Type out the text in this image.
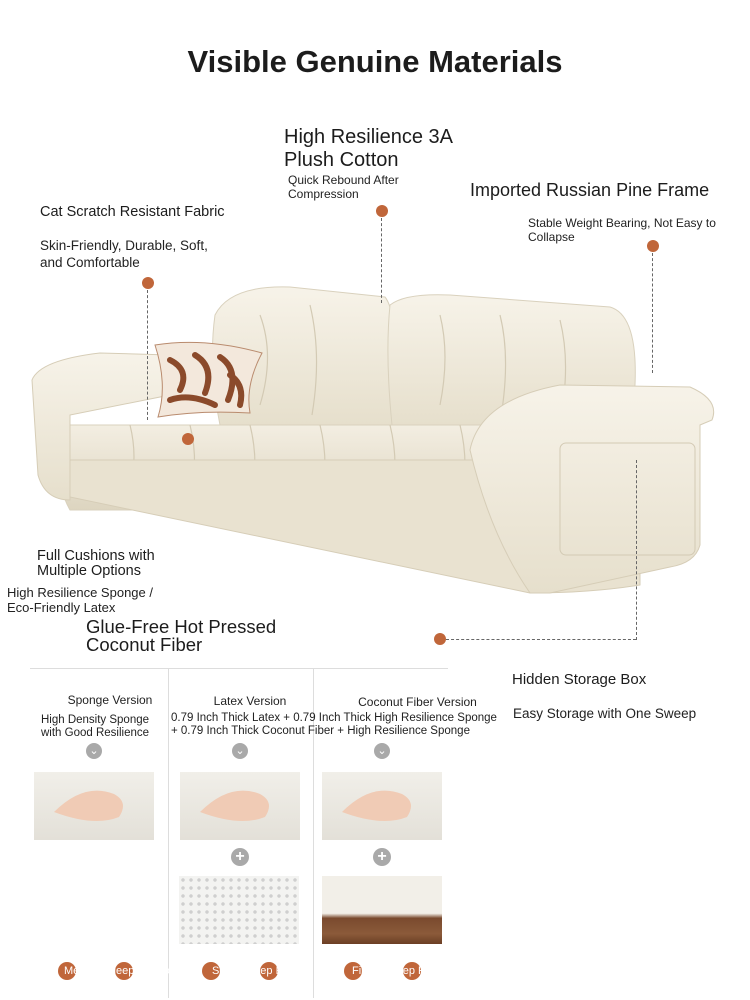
Visible Genuine Materials
High Resilience 3A
Plush Cotton
Quick Rebound After
Compression	Imported Russian Pine Frame
Stable Weight Bearing, Not Easy to
Collapse
Cat Scratch Resistant Fabric
Skin-Friendly, Durable, Soft,
and Comfortable
Full Cushions with
Multiple Options
High Resilience Sponge /
Eco-Friendly Latex
Glue-Free Hot Pressed
Coconut Fiber
Hidden Storage Box
Easy Storage with One Sweep
Sponge Version
High Density Sponge
with Good Resilience
⌄
Latex Version
0.79 Inch Thick Latex + 0.79 Inch Thick High Resilience Sponge
+ 0.79 Inch Thick Coconut Fiber + High Resilience Sponge
⌄
+
Coconut Fiber Version
⌄
+
Medium Sleep Comfort	Softer Sleep Feel	Firmer Sleep Feel
